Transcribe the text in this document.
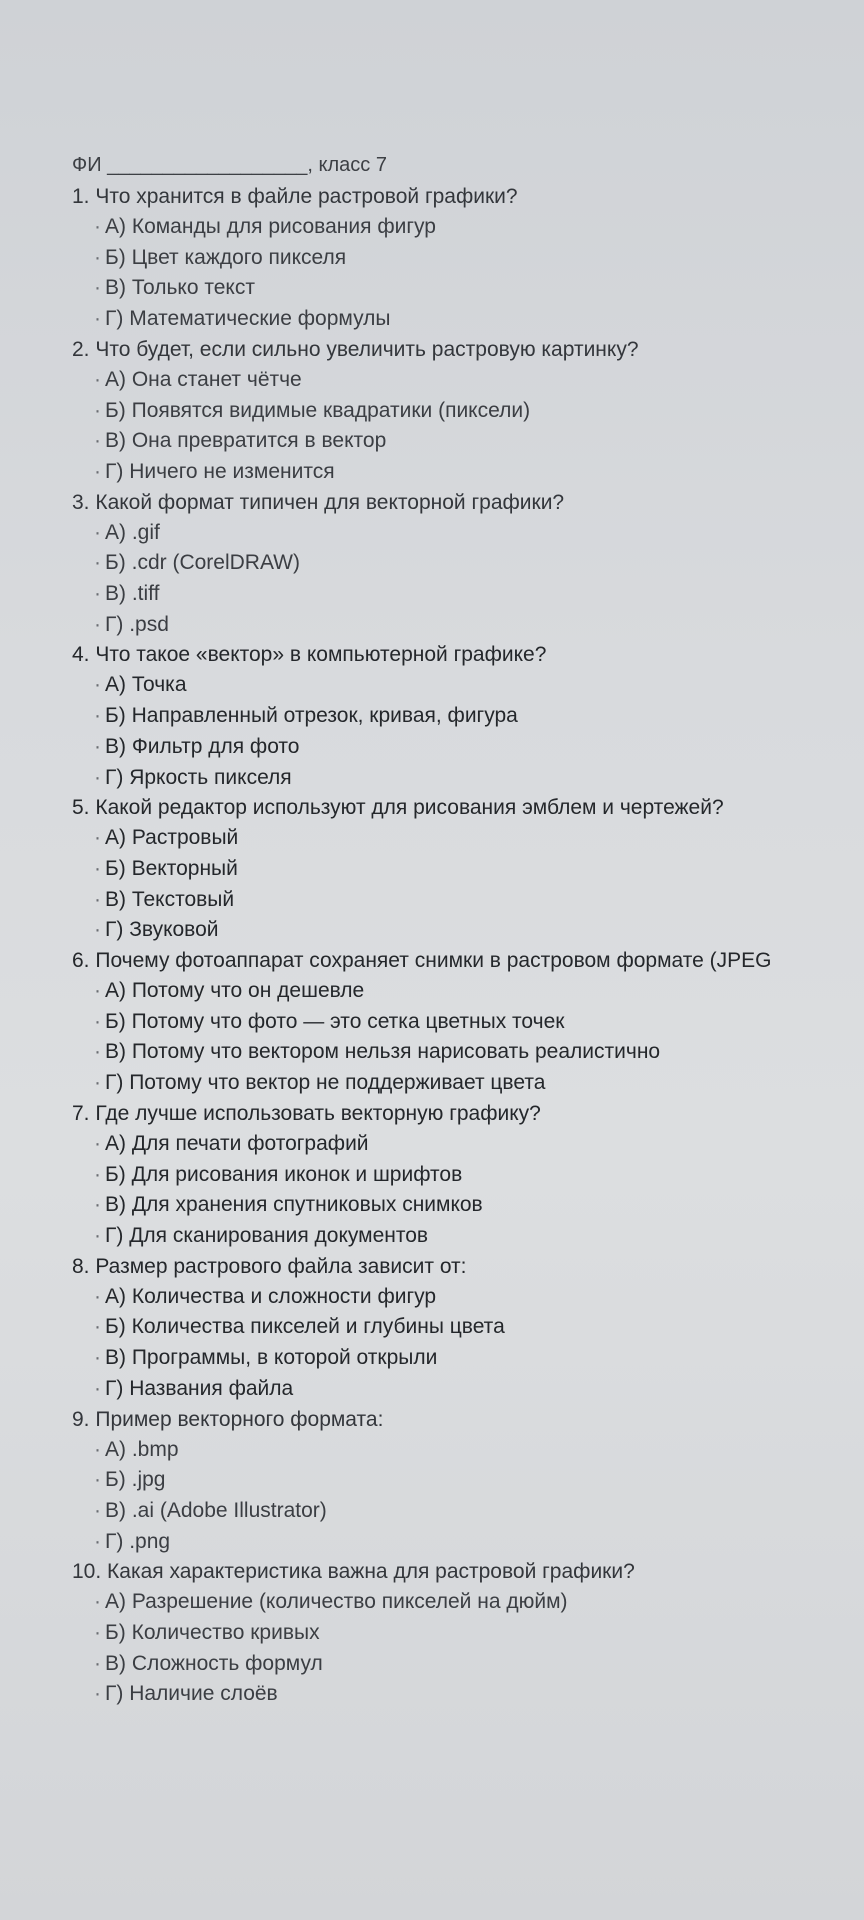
ФИ __________________, класс 7
1. Что хранится в файле растровой графики?
· А) Команды для рисования фигур
· Б) Цвет каждого пикселя
· В) Только текст
· Г) Математические формулы
2. Что будет, если сильно увеличить растровую картинку?
· А) Она станет чётче
· Б) Появятся видимые квадратики (пиксели)
· В) Она превратится в вектор
· Г) Ничего не изменится
3. Какой формат типичен для векторной графики?
· А) .gif
· Б) .cdr (CorelDRAW)
· В) .tiff
· Г) .psd
4. Что такое «вектор» в компьютерной графике?
· А) Точка
· Б) Направленный отрезок, кривая, фигура
· В) Фильтр для фото
· Г) Яркость пикселя
5. Какой редактор используют для рисования эмблем и чертежей?
· А) Растровый
· Б) Векторный
· В) Текстовый
· Г) Звуковой
6. Почему фотоаппарат сохраняет снимки в растровом формате (JPEG
· А) Потому что он дешевле
· Б) Потому что фото — это сетка цветных точек
· В) Потому что вектором нельзя нарисовать реалистично
· Г) Потому что вектор не поддерживает цвета
7. Где лучше использовать векторную графику?
· А) Для печати фотографий
· Б) Для рисования иконок и шрифтов
· В) Для хранения спутниковых снимков
· Г) Для сканирования документов
8. Размер растрового файла зависит от:
· А) Количества и сложности фигур
· Б) Количества пикселей и глубины цвета
· В) Программы, в которой открыли
· Г) Названия файла
9. Пример векторного формата:
· А) .bmp
· Б) .jpg
· В) .ai (Adobe Illustrator)
· Г) .png
10. Какая характеристика важна для растровой графики?
· А) Разрешение (количество пикселей на дюйм)
· Б) Количество кривых
· В) Сложность формул
· Г) Наличие слоёв
